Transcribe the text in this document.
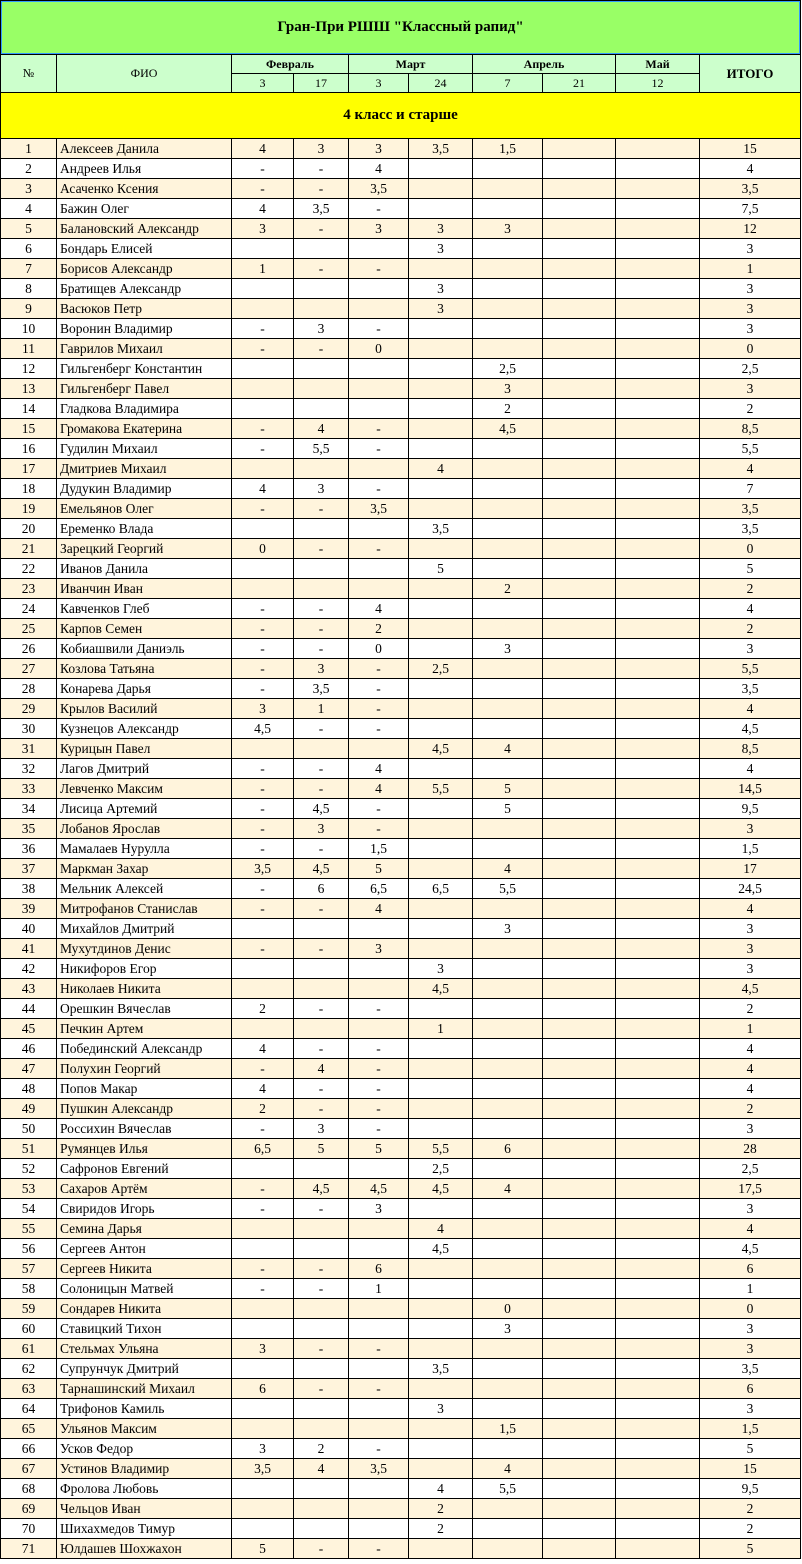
Гран-При РШШ "Классный рапид"									
№	ФИО	Февраль		Март		Апрель		Май	ИТОГО
		3	17	3	24	7	21	12	
4 класс и старше									
1	Алексеев Данила	4	3	3	3,5	1,5			15
2	Андреев Илья	-	-	4					4
3	Асаченко Ксения	-	-	3,5					3,5
4	Бажин Олег	4	3,5	-					7,5
5	Балановский Александр	3	-	3	3	3			12
6	Бондарь Елисей				3				3
7	Борисов Александр	1	-	-					1
8	Братищев Александр				3				3
9	Васюков Петр				3				3
10	Воронин Владимир	-	3	-					3
11	Гаврилов Михаил	-	-	0					0
12	Гильгенберг Константин					2,5			2,5
13	Гильгенберг Павел					3			3
14	Гладкова Владимира					2			2
15	Громакова Екатерина	-	4	-		4,5			8,5
16	Гудилин Михаил	-	5,5	-					5,5
17	Дмитриев Михаил				4				4
18	Дудукин Владимир	4	3	-					7
19	Емельянов Олег	-	-	3,5					3,5
20	Еременко Влада				3,5				3,5
21	Зарецкий Георгий	0	-	-					0
22	Иванов Данила				5				5
23	Иванчин Иван					2			2
24	Кавченков Глеб	-	-	4					4
25	Карпов Семен	-	-	2					2
26	Кобиашвили Даниэль	-	-	0		3			3
27	Козлова Татьяна	-	3	-	2,5				5,5
28	Конарева Дарья	-	3,5	-					3,5
29	Крылов Василий	3	1	-					4
30	Кузнецов Александр	4,5	-	-					4,5
31	Курицын Павел				4,5	4			8,5
32	Лагов Дмитрий	-	-	4					4
33	Левченко Максим	-	-	4	5,5	5			14,5
34	Лисица Артемий	-	4,5	-		5			9,5
35	Лобанов Ярослав	-	3	-					3
36	Мамалаев Нурулла	-	-	1,5					1,5
37	Маркман Захар	3,5	4,5	5		4			17
38	Мельник Алексей	-	6	6,5	6,5	5,5			24,5
39	Митрофанов Станислав	-	-	4					4
40	Михайлов Дмитрий					3			3
41	Мухутдинов Денис	-	-	3					3
42	Никифоров Егор				3				3
43	Николаев Никита				4,5				4,5
44	Орешкин Вячеслав	2	-	-					2
45	Печкин Артем				1				1
46	Побединский Александр	4	-	-					4
47	Полухин Георгий	-	4	-					4
48	Попов Макар	4	-	-					4
49	Пушкин Александр	2	-	-					2
50	Россихин Вячеслав	-	3	-					3
51	Румянцев Илья	6,5	5	5	5,5	6			28
52	Сафронов Евгений				2,5				2,5
53	Сахаров Артём	-	4,5	4,5	4,5	4			17,5
54	Свиридов Игорь	-	-	3					3
55	Семина Дарья				4				4
56	Сергеев Антон				4,5				4,5
57	Сергеев Никита	-	-	6					6
58	Солоницын Матвей	-	-	1					1
59	Сондарев Никита					0			0
60	Ставицкий Тихон					3			3
61	Стельмах Ульяна	3	-	-					3
62	Супрунчук Дмитрий				3,5				3,5
63	Тарнашинский Михаил	6	-	-					6
64	Трифонов Камиль				3				3
65	Ульянов Максим					1,5			1,5
66	Усков Федор	3	2	-					5
67	Устинов Владимир	3,5	4	3,5		4			15
68	Фролова Любовь				4	5,5			9,5
69	Чельцов Иван				2				2
70	Шихахмедов Тимур				2				2
71	Юлдашев Шохжахон	5	-	-					5
